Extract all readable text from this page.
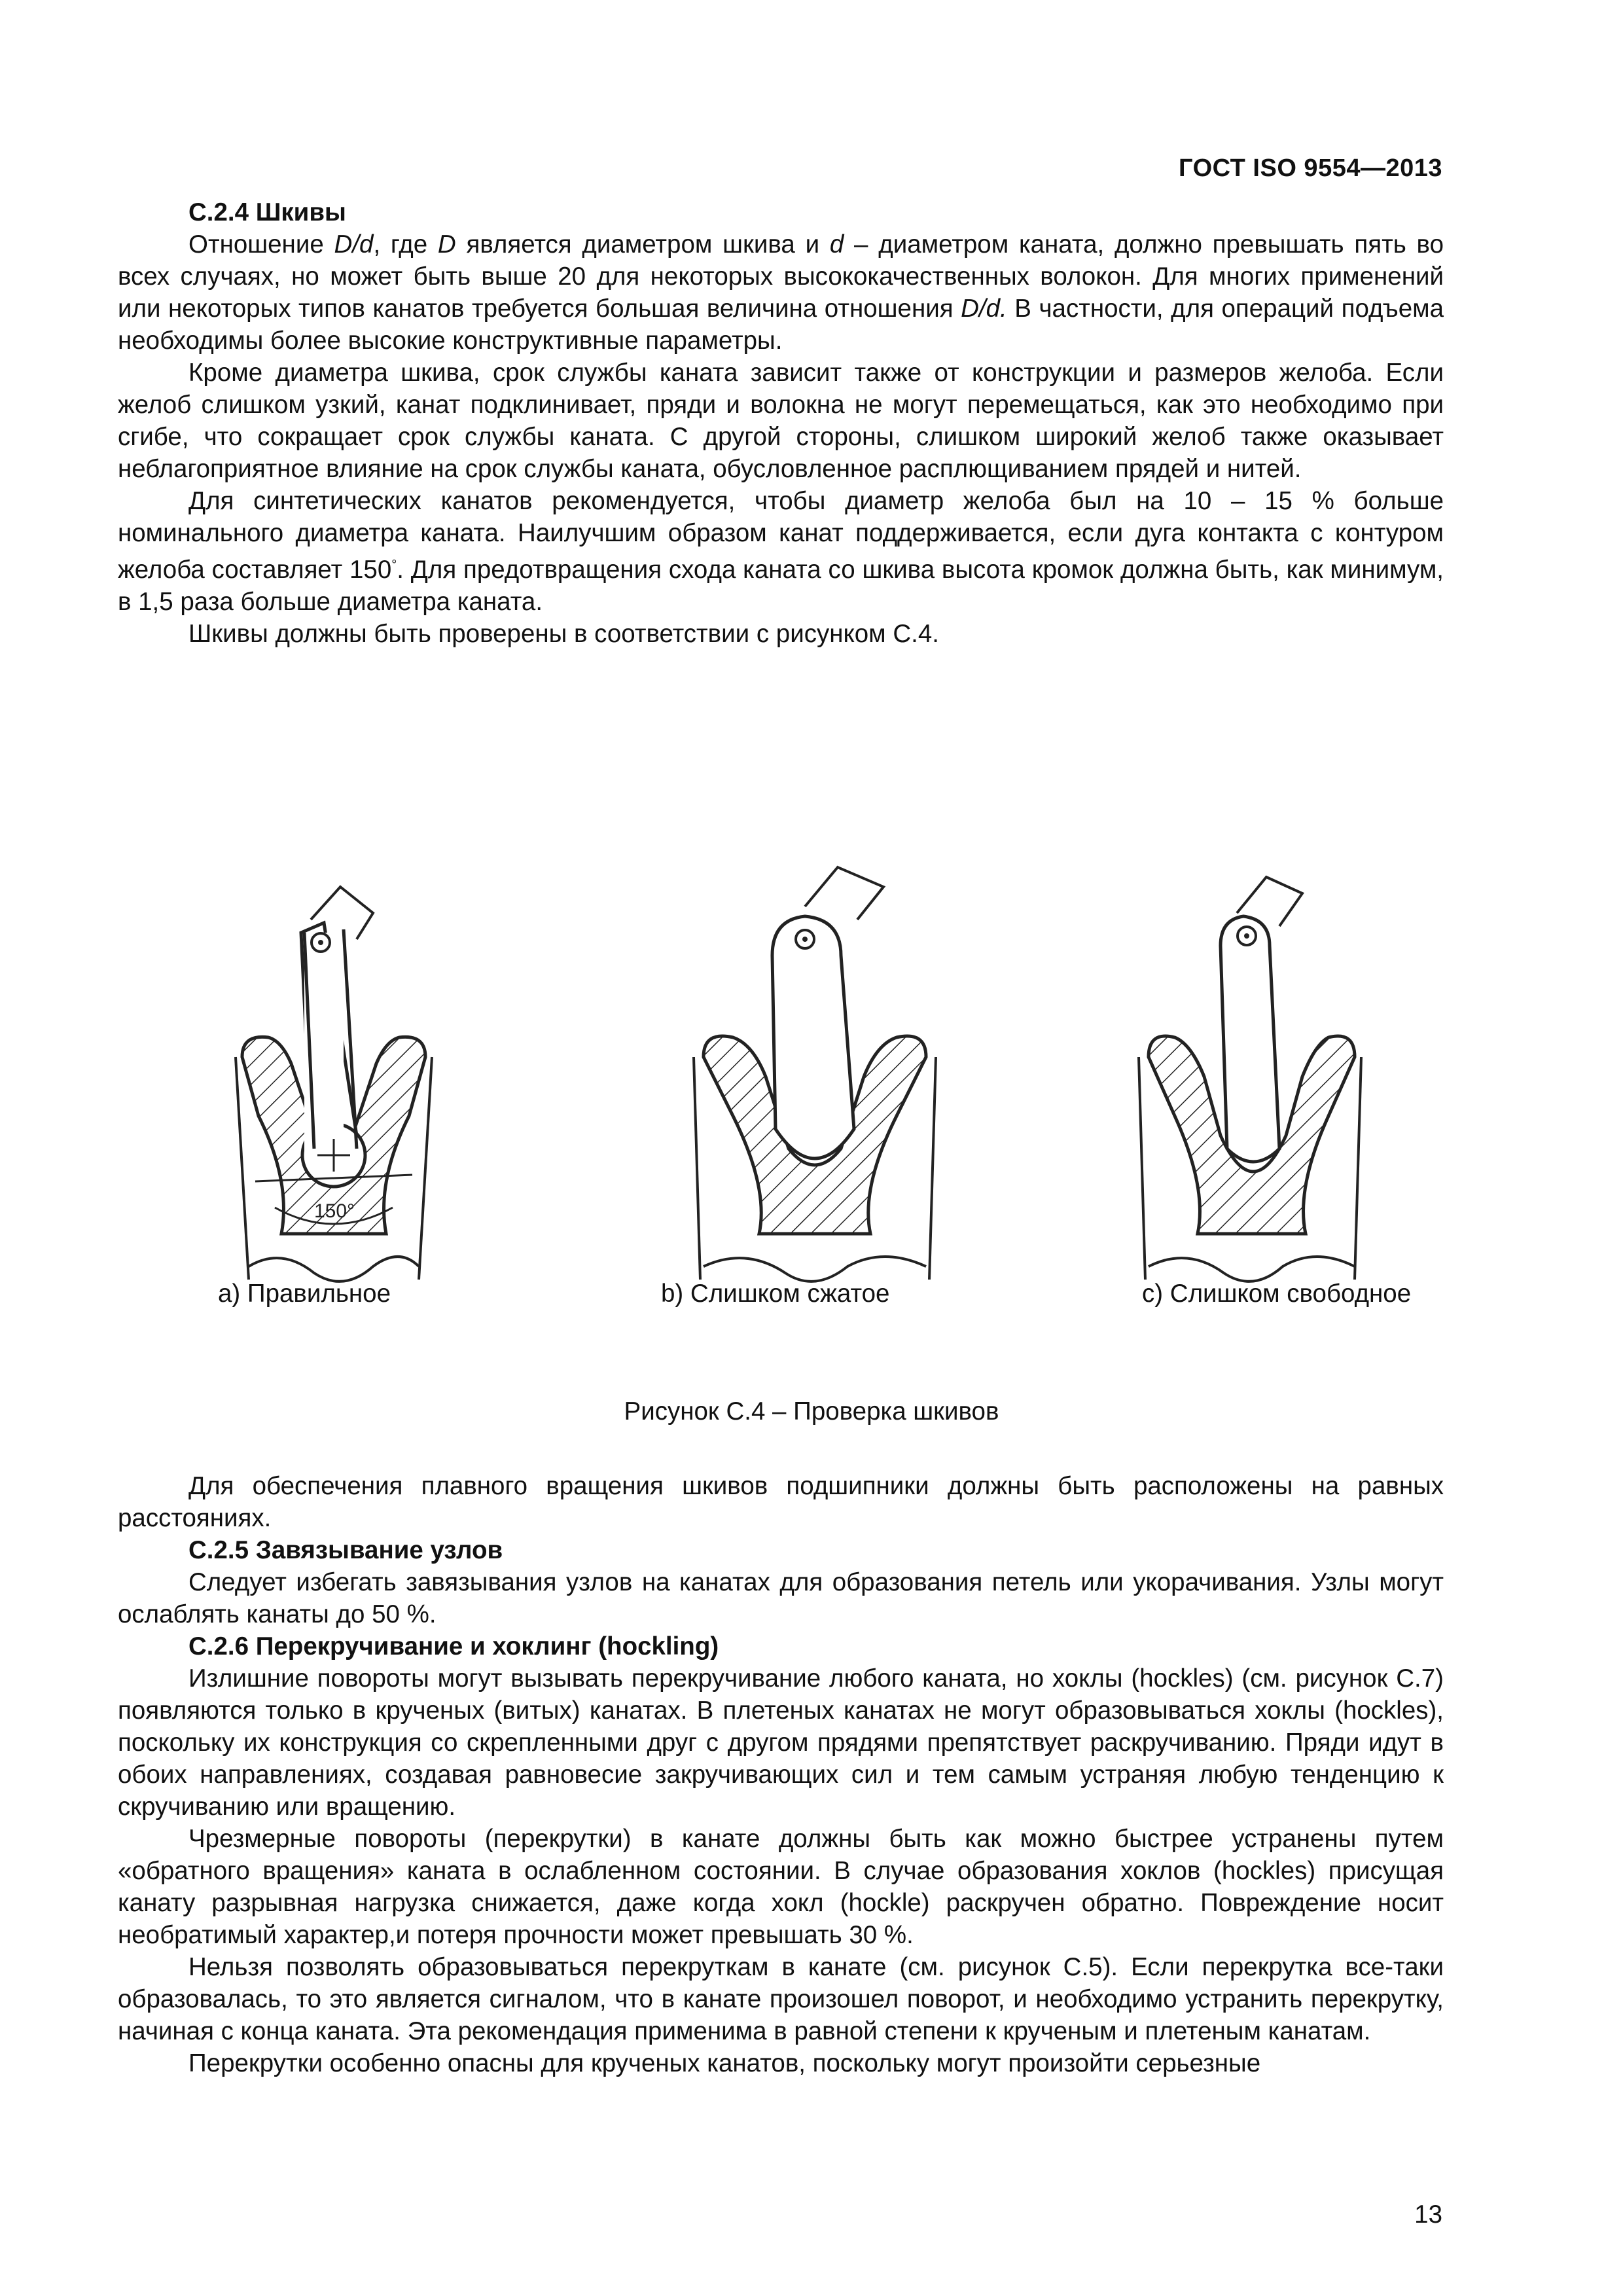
ГОСТ ISO 9554—2013

С.2.4 Шкивы

Отношение D/d, где D является диаметром шкива и d – диаметром каната, должно превышать пять во всех случаях, но может быть выше 20 для некоторых высококачественных волокон. Для многих применений или некоторых типов канатов требуется большая величина отношения D/d. В частности, для операций подъема необходимы более высокие конструктивные параметры.

Кроме диаметра шкива, срок службы каната зависит также от конструкции и размеров желоба. Если желоб слишком узкий, канат подклинивает, пряди и волокна не могут перемещаться, как это необходимо при сгибе, что сокращает срок службы каната. С другой стороны, слишком широкий желоб также оказывает неблагоприятное влияние на срок службы каната, обусловленное расплющиванием прядей и нитей.

Для синтетических канатов рекомендуется, чтобы диаметр желоба был на 10 – 15 % больше номинального диаметра каната. Наилучшим образом канат поддерживается, если дуга контакта с контуром желоба составляет 150°. Для предотвращения схода каната со шкива высота кромок должна быть, как минимум, в 1,5 раза больше диаметра каната.

Шкивы должны быть проверены в соответствии с рисунком С.4.

150°
a) Правильное	b) Слишком сжатое	c) Слишком свободное
Рисунок С.4 – Проверка шкивов

Для обеспечения плавного вращения шкивов подшипники должны быть расположены на равных расстояниях.

С.2.5 Завязывание узлов

Следует избегать завязывания узлов на канатах для образования петель или укорачивания. Узлы могут ослаблять канаты до 50 %.

С.2.6 Перекручивание и хоклинг (hockling)

Излишние повороты могут вызывать перекручивание любого каната, но хоклы (hockles) (см. рисунок С.7) появляются только в крученых (витых) канатах. В плетеных канатах не могут образовываться хоклы (hockles), поскольку их конструкция со скрепленными друг с другом прядями препятствует раскручиванию. Пряди идут в обоих направлениях, создавая равновесие закручивающих сил и тем самым устраняя любую тенденцию к скручиванию или вращению.

Чрезмерные повороты (перекрутки) в канате должны быть как можно быстрее устранены путем «обратного вращения» каната в ослабленном состоянии. В случае образования хоклов (hockles) присущая канату разрывная нагрузка снижается, даже когда хокл (hockle) раскручен обратно. Повреждение носит необратимый характер,и потеря прочности может превышать 30 %.

Нельзя позволять образовываться перекруткам в канате (см. рисунок С.5). Если перекрутка все-таки образовалась, то это является сигналом, что в канате произошел поворот, и необходимо устранить перекрутку, начиная с конца каната. Эта рекомендация применима в равной степени к крученым и плетеным канатам.

Перекрутки особенно опасны для крученых канатов, поскольку могут произойти серьезные

13
